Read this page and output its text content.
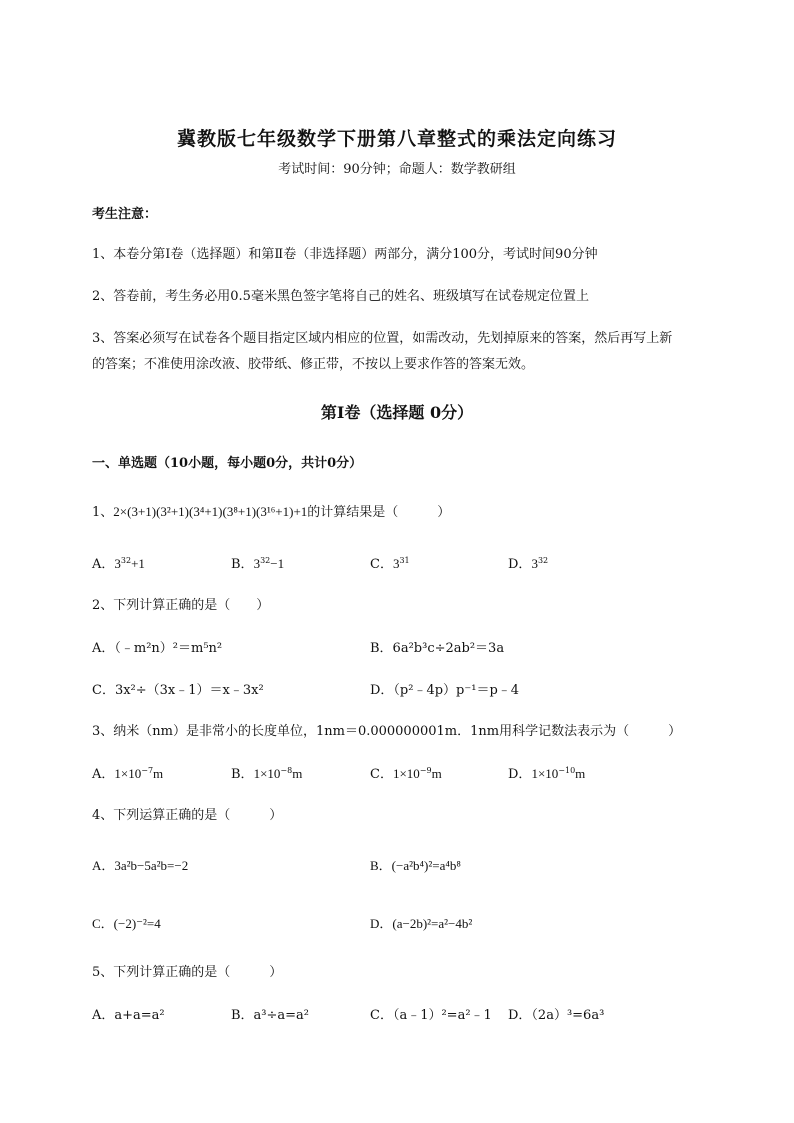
冀教版七年级数学下册第八章整式的乘法定向练习
考试时间：90分钟；命题人：数学教研组
考生注意：
1、本卷分第I卷（选择题）和第Ⅱ卷（非选择题）两部分，满分100分，考试时间90分钟
2、答卷前，考生务必用0.5毫米黑色签字笔将自己的姓名、班级填写在试卷规定位置上
3、答案必须写在试卷各个题目指定区域内相应的位置，如需改动，先划掉原来的答案，然后再写上新
的答案；不准使用涂改液、胶带纸、修正带，不按以上要求作答的答案无效。
第I卷（选择题 0分）
一、单选题（10小题，每小题0分，共计0分）
1、2×(3+1)(3²+1)(3⁴+1)(3⁸+1)(3¹⁶+1)+1的计算结果是（　　　）
A．$3^{32}+1$	B．$3^{32}-1$	C．$3^{31}$	D．$3^{32}$
2、下列计算正确的是（　　）
A．（﹣m²n）²＝m⁵n²	B．6a²b³c÷2ab²＝3a
C．3x²÷（3x﹣1）＝x﹣3x²	D．（p²﹣4p）p⁻¹＝p﹣4
3、纳米（nm）是非常小的长度单位，1nm＝0.000000001m．1nm用科学记数法表示为（　　　）
A．$1\times 10^{-7}m$	B．$1\times 10^{-8}m$	C．$1\times 10^{-9}m$	D．$1\times 10^{-10}m$
4、下列运算正确的是（　　　）
A．3a²b−5a²b=−2	B．(−a²b⁴)²=a⁴b⁸
C．(−2)⁻²=4	D．(a−2b)²=a²−4b²
5、下列计算正确的是（　　　）
A．a+a=a²	B．a³÷a=a²	C．（a﹣1）²=a²﹣1 D．（2a）³=6a³
